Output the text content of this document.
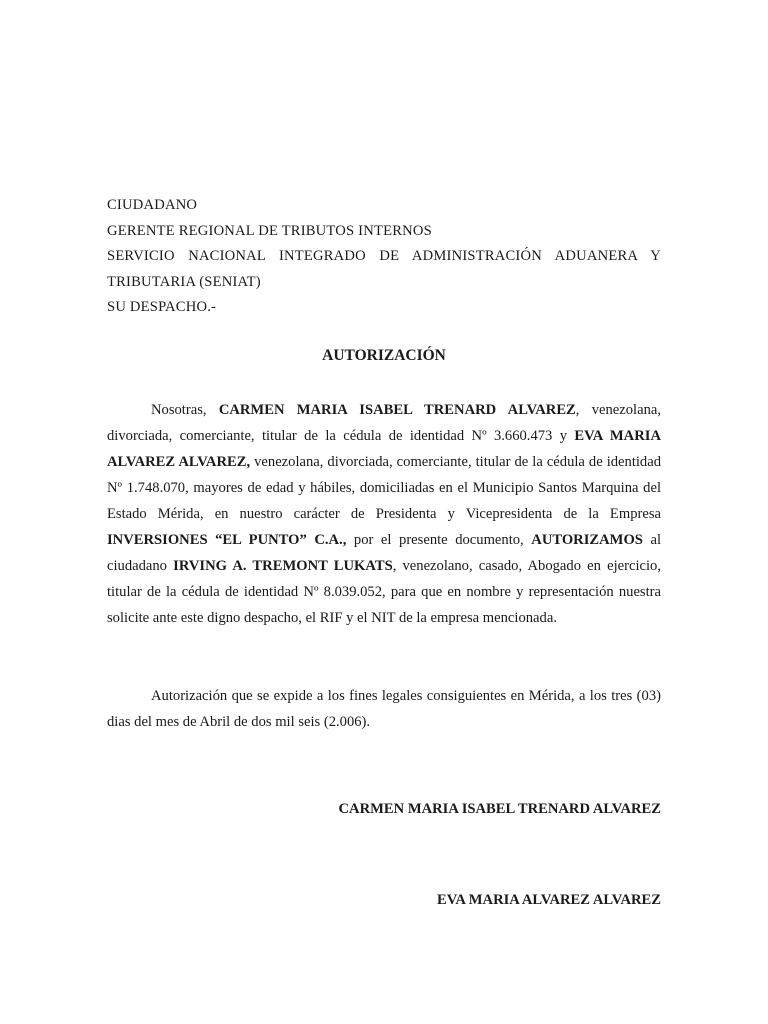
CIUDADANO
GERENTE REGIONAL DE TRIBUTOS INTERNOS
SERVICIO NACIONAL INTEGRADO DE ADMINISTRACIÓN ADUANERA Y
TRIBUTARIA (SENIAT)
SU DESPACHO.-
AUTORIZACIÓN
Nosotras, CARMEN MARIA ISABEL TRENARD ALVAREZ, venezolana, divorciada, comerciante, titular de la cédula de identidad Nº 3.660.473 y EVA MARIA ALVAREZ ALVAREZ, venezolana, divorciada, comerciante, titular de la cédula de identidad Nº 1.748.070, mayores de edad y hábiles, domiciliadas en el Municipio Santos Marquina del Estado Mérida, en nuestro carácter de Presidenta y Vicepresidenta de la Empresa INVERSIONES “EL PUNTO” C.A., por el presente documento, AUTORIZAMOS al ciudadano IRVING A. TREMONT LUKATS, venezolano, casado, Abogado en ejercicio, titular de la cédula de identidad Nº 8.039.052, para que en nombre y representación nuestra solicite ante este digno despacho, el RIF y el NIT de la empresa mencionada.
Autorización que se expide a los fines legales consiguientes en Mérida, a los tres (03) dias del mes de Abril de dos mil seis (2.006).
CARMEN MARIA ISABEL TRENARD ALVAREZ
EVA MARIA ALVAREZ ALVAREZ
